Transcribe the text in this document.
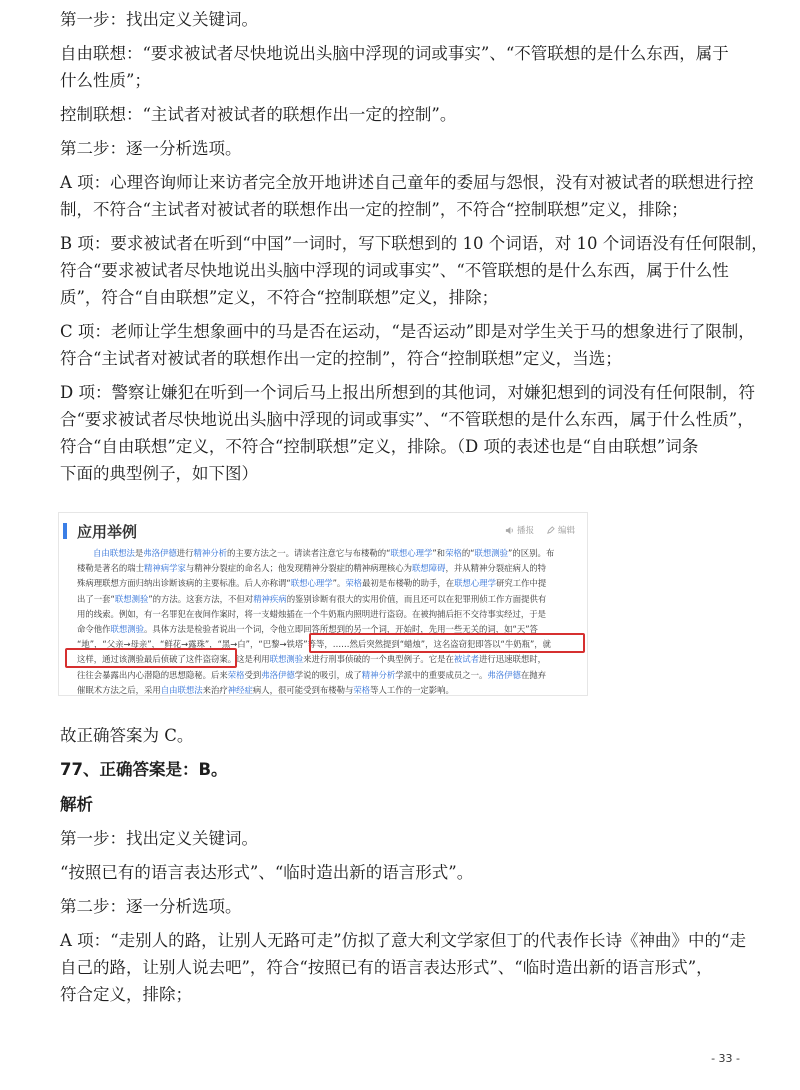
第一步：找出定义关键词。

自由联想：“要求被试者尽快地说出头脑中浮现的词或事实”、“不管联想的是什么东西，属于
什么性质”；

控制联想：“主试者对被试者的联想作出一定的控制”。

第二步：逐一分析选项。

A 项：心理咨询师让来访者完全放开地讲述自己童年的委屈与怨恨，没有对被试者的联想进行控
制，不符合“主试者对被试者的联想作出一定的控制”，不符合“控制联想”定义，排除；

B 项：要求被试者在听到“中国”一词时，写下联想到的 10 个词语，对 10 个词语没有任何限制，
符合“要求被试者尽快地说出头脑中浮现的词或事实”、“不管联想的是什么东西，属于什么性
质”，符合“自由联想”定义，不符合“控制联想”定义，排除；

C 项：老师让学生想象画中的马是否在运动，“是否运动”即是对学生关于马的想象进行了限制，
符合“主试者对被试者的联想作出一定的控制”，符合“控制联想”定义，当选；

D 项：警察让嫌犯在听到一个词后马上报出所想到的其他词，对嫌犯想到的词没有任何限制，符
合“要求被试者尽快地说出头脑中浮现的词或事实”、“不管联想的是什么东西，属于什么性质”，
符合“自由联想”定义，不符合“控制联想”定义，排除。（D 项的表述也是“自由联想”词条
下面的典型例子，如下图）

应用举例	播报	编辑
自由联想法是弗洛伊德进行精神分析的主要方法之一。请读者注意它与布楼勒的“联想心理学”和荣格的“联想测验”的区别。布
楼勒是著名的瑞士精神病学家与精神分裂症的命名人；他发现精神分裂症的精神病理核心为联想障碍，并从精神分裂症病人的特
殊病理联想方面归纳出诊断该病的主要标准。后人亦称谓“联想心理学”。荣格最初是布楼勒的助手，在联想心理学研究工作中提
出了一套“联想测验”的方法。这套方法，不但对精神疾病的鉴别诊断有很大的实用价值，而且还可以在犯罪刑侦工作方面提供有
用的线索。例如，有一名罪犯在夜间作案时，将一支蜡烛插在一个牛奶瓶内照明进行盗窃。在被拘捕后拒不交待事实经过，于是
命令他作联想测验。具体方法是检验者说出一个词，令他立即回答所想到的另一个词，开始时，先用一些无关的词，如“天”答
“地”，“父亲→母亲”，“鲜花→露珠”，“黑→白”，“巴黎→铁塔”等等，……然后突然提到“蜡烛”，这名盗窃犯即答以“牛奶瓶”，就
这样，通过该测验最后侦破了这件盗窃案。这是利用联想测验来进行刑事侦破的一个典型例子。它是在被试者进行迅速联想时，
往往会暴露出内心潜隐的思想隐秘。后来荣格受到弗洛伊德学说的吸引，成了精神分析学派中的重要成员之一。弗洛伊德在抛弃
催眠术方法之后，采用自由联想法来治疗神经症病人，很可能受到布楼勒与荣格等人工作的一定影响。

故正确答案为 C。

77、正确答案是：B。

解析

第一步：找出定义关键词。

“按照已有的语言表达形式”、“临时造出新的语言形式”。

第二步：逐一分析选项。

A 项：“走别人的路，让别人无路可走”仿拟了意大利文学家但丁的代表作长诗《神曲》中的“走
自己的路，让别人说去吧”，符合“按照已有的语言表达形式”、“临时造出新的语言形式”，
符合定义，排除；

- 33 -
